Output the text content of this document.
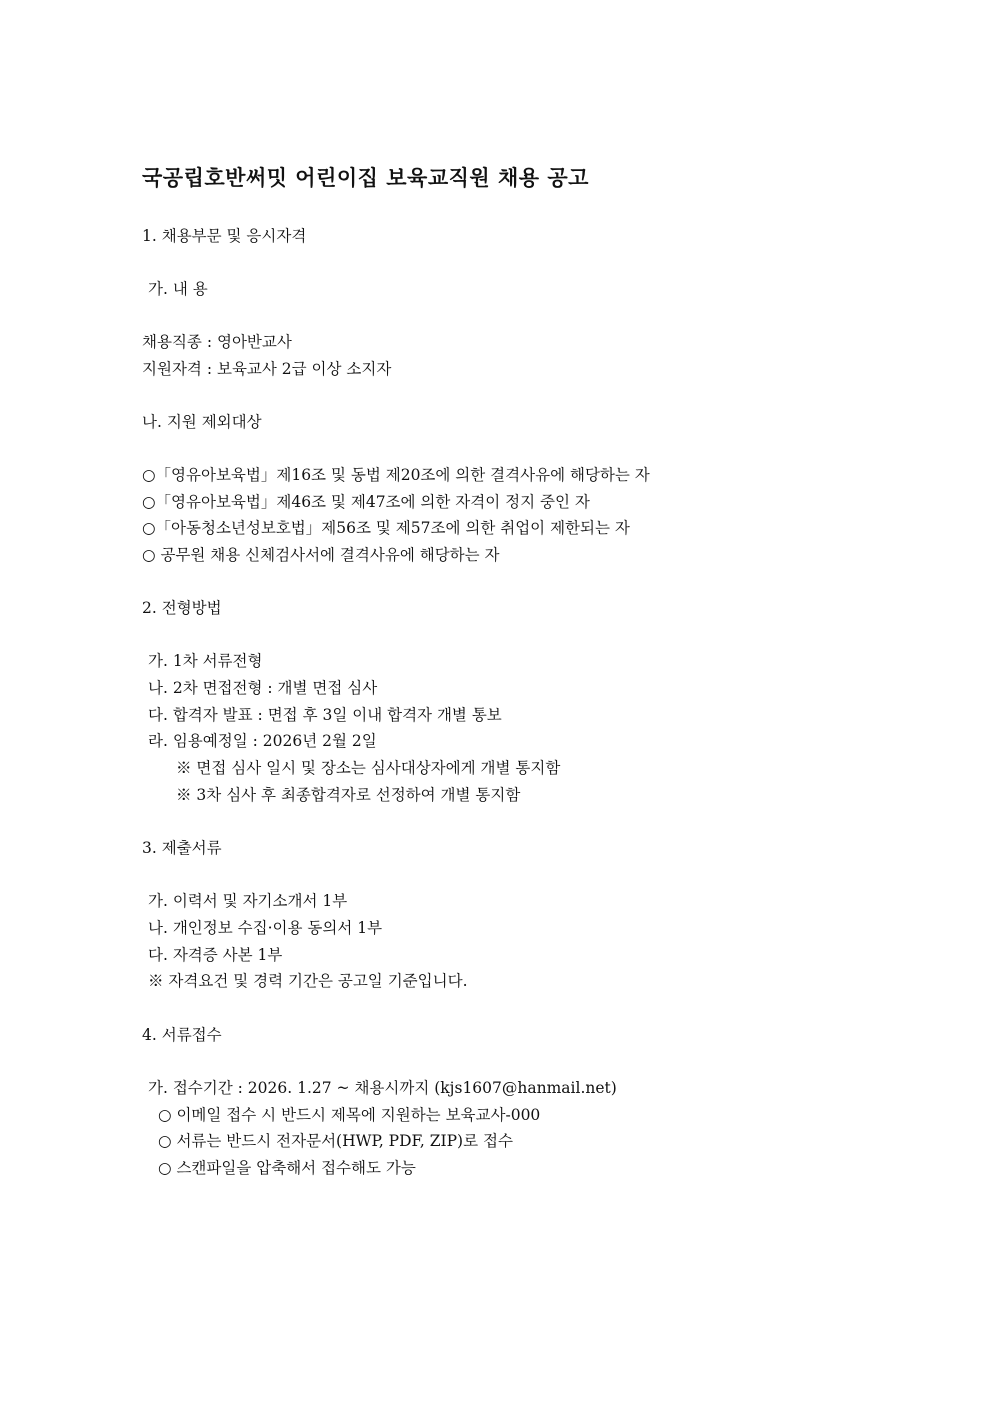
국공립호반써밋 어린이집 보육교직원 채용 공고
1. 채용부문 및 응시자격
가. 내 용
채용직종 : 영아반교사
지원자격 : 보육교사 2급 이상 소지자
나. 지원 제외대상
○「영유아보육법」제16조 및 동법 제20조에 의한 결격사유에 해당하는 자
○「영유아보육법」제46조 및 제47조에 의한 자격이 정지 중인 자
○「아동청소년성보호법」제56조 및 제57조에 의한 취업이 제한되는 자
○ 공무원 채용 신체검사서에 결격사유에 해당하는 자
2. 전형방법
가. 1차 서류전형
나. 2차 면접전형 : 개별 면접 심사
다. 합격자 발표 : 면접 후 3일 이내 합격자 개별 통보
라. 임용예정일 : 2026년 2월 2일
※ 면접 심사 일시 및 장소는 심사대상자에게 개별 통지함
※ 3차 심사 후 최종합격자로 선정하여 개별 통지함
3. 제출서류
가. 이력서 및 자기소개서 1부
나. 개인정보 수집·이용 동의서 1부
다. 자격증 사본 1부
※ 자격요건 및 경력 기간은 공고일 기준입니다.
4. 서류접수
가. 접수기간 : 2026. 1.27 ~ 채용시까지 (kjs1607@hanmail.net)
○ 이메일 접수 시 반드시 제목에 지원하는 보육교사-000
○ 서류는 반드시 전자문서(HWP, PDF, ZIP)로 접수
○ 스캔파일을 압축해서 접수해도 가능
